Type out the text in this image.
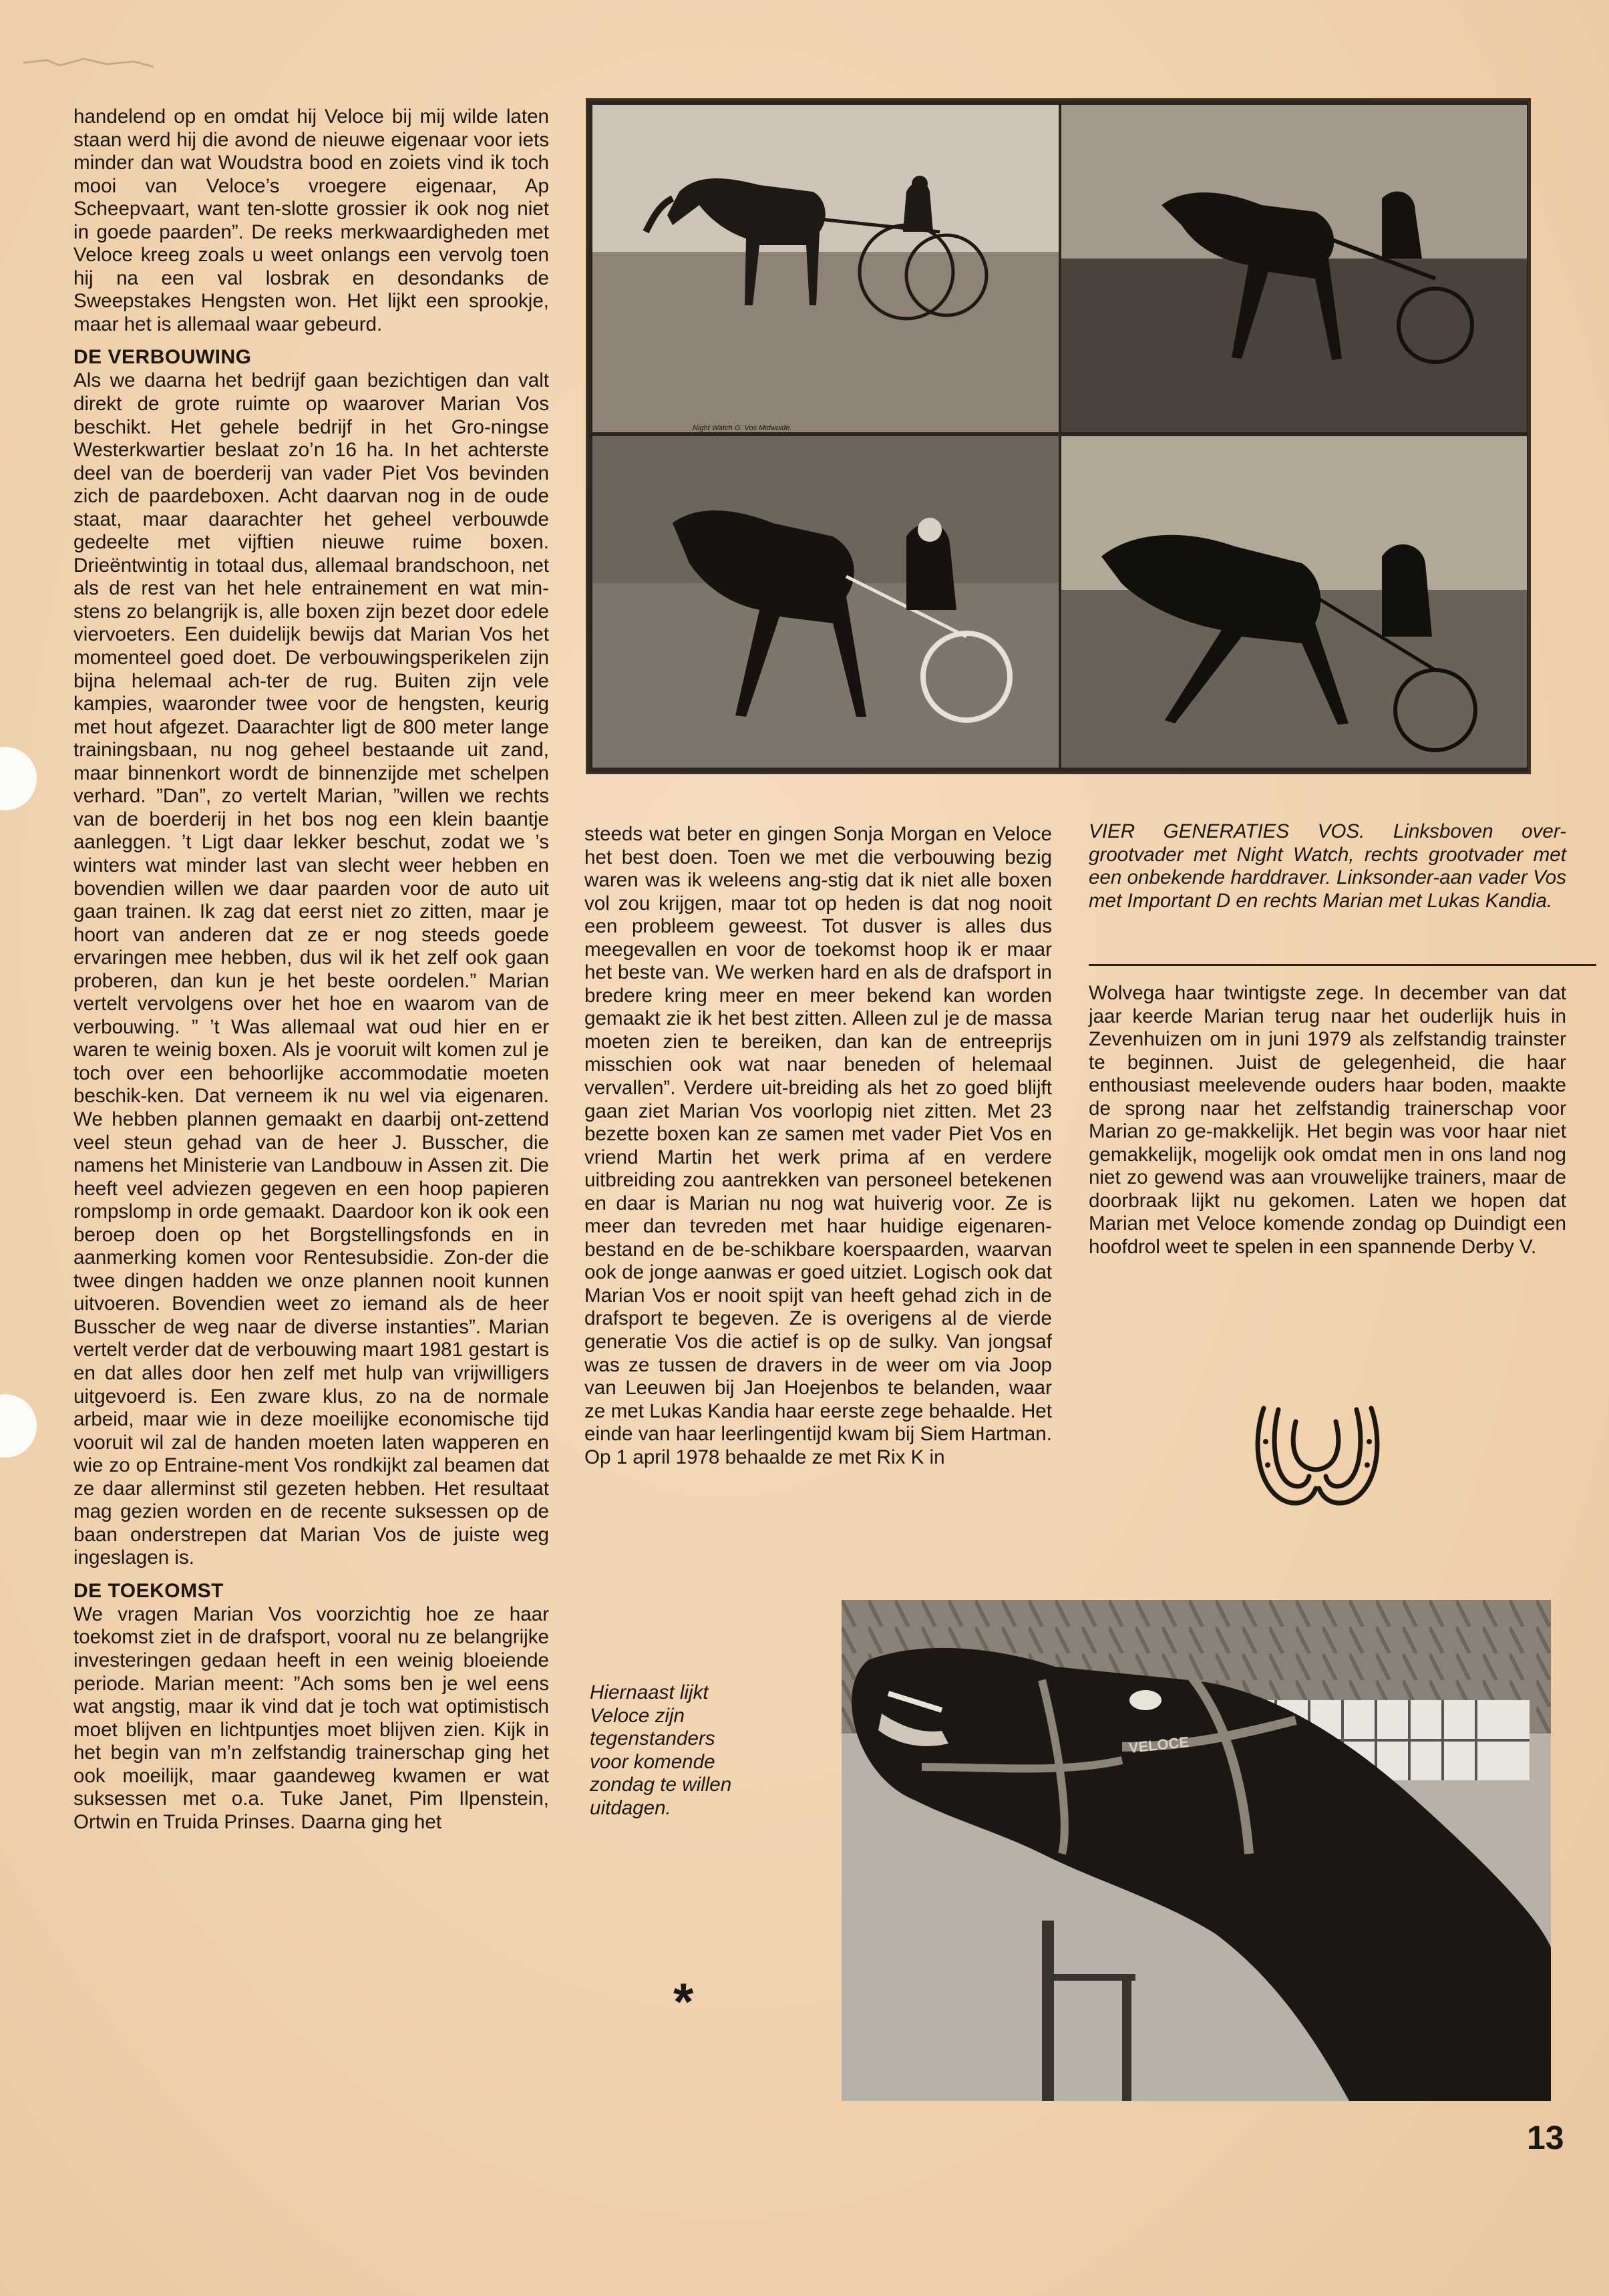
handelend op en omdat hij Veloce bij mij wilde laten staan werd hij die avond de nieuwe eigenaar voor iets minder dan wat Woudstra bood en zoiets vind ik toch mooi van Veloce’s vroegere eigenaar, Ap Scheepvaart, want ten-slotte grossier ik ook nog niet in goede paarden”. De reeks merkwaardigheden met Veloce kreeg zoals u weet onlangs een vervolg toen hij na een val losbrak en desondanks de Sweepstakes Hengsten won. Het lijkt een sprookje, maar het is allemaal waar gebeurd.

DE VERBOUWING

Als we daarna het bedrijf gaan bezichtigen dan valt direkt de grote ruimte op waarover Marian Vos beschikt. Het gehele bedrijf in het Gro-ningse Westerkwartier beslaat zo’n 16 ha. In het achterste deel van de boerderij van vader Piet Vos bevinden zich de paardeboxen. Acht daarvan nog in de oude staat, maar daarachter het geheel verbouwde gedeelte met vijftien nieuwe ruime boxen. Drieëntwintig in totaal dus, allemaal brandschoon, net als de rest van het hele entrainement en wat min-stens zo belangrijk is, alle boxen zijn bezet door edele viervoeters. Een duidelijk bewijs dat Marian Vos het momenteel goed doet. De verbouwingsperikelen zijn bijna helemaal ach-ter de rug. Buiten zijn vele kampies, waaronder twee voor de hengsten, keurig met hout afgezet. Daarachter ligt de 800 meter lange trainingsbaan, nu nog geheel bestaande uit zand, maar binnenkort wordt de binnenzijde met schelpen verhard. ”Dan”, zo vertelt Marian, ”willen we rechts van de boerderij in het bos nog een klein baantje aanleggen. ’t Ligt daar lekker beschut, zodat we ’s winters wat minder last van slecht weer hebben en bovendien willen we daar paarden voor de auto uit gaan trainen. Ik zag dat eerst niet zo zitten, maar je hoort van anderen dat ze er nog steeds goede ervaringen mee hebben, dus wil ik het zelf ook gaan proberen, dan kun je het beste oordelen.” Marian vertelt vervolgens over het hoe en waarom van de verbouwing. ” ’t Was allemaal wat oud hier en er waren te weinig boxen. Als je vooruit wilt komen zul je toch over een behoorlijke accommodatie moeten beschik-ken. Dat verneem ik nu wel via eigenaren. We hebben plannen gemaakt en daarbij ont-zettend veel steun gehad van de heer J. Busscher, die namens het Ministerie van Landbouw in Assen zit. Die heeft veel adviezen gegeven en een hoop papieren rompslomp in orde gemaakt. Daardoor kon ik ook een beroep doen op het Borgstellingsfonds en in aanmerking komen voor Rentesubsidie. Zon-der die twee dingen hadden we onze plannen nooit kunnen uitvoeren. Bovendien weet zo iemand als de heer Busscher de weg naar de diverse instanties”. Marian vertelt verder dat de verbouwing maart 1981 gestart is en dat alles door hen zelf met hulp van vrijwilligers uitgevoerd is. Een zware klus, zo na de normale arbeid, maar wie in deze moeilijke economische tijd vooruit wil zal de handen moeten laten wapperen en wie zo op Entraine-ment Vos rondkijkt zal beamen dat ze daar allerminst stil gezeten hebben. Het resultaat mag gezien worden en de recente suksessen op de baan onderstrepen dat Marian Vos de juiste weg ingeslagen is.

DE TOEKOMST

We vragen Marian Vos voorzichtig hoe ze haar toekomst ziet in de drafsport, vooral nu ze belangrijke investeringen gedaan heeft in een weinig bloeiende periode. Marian meent: ”Ach soms ben je wel eens wat angstig, maar ik vind dat je toch wat optimistisch moet blijven en lichtpuntjes moet blijven zien. Kijk in het begin van m’n zelfstandig trainerschap ging het ook moeilijk, maar gaandeweg kwamen er wat suksessen met o.a. Tuke Janet, Pim Ilpenstein, Ortwin en Truida Prinses. Daarna ging het

Night Watch G. Vos Midwolde.
VIER GENERATIES VOS. Linksboven over-grootvader met Night Watch, rechts grootvader met een onbekende harddraver. Linksonder-aan vader Vos met Important D en rechts Marian met Lukas Kandia.

steeds wat beter en gingen Sonja Morgan en Veloce het best doen. Toen we met die verbouwing bezig waren was ik weleens ang-stig dat ik niet alle boxen vol zou krijgen, maar tot op heden is dat nog nooit een probleem geweest. Tot dusver is alles dus meegevallen en voor de toekomst hoop ik er maar het beste van. We werken hard en als de drafsport in bredere kring meer en meer bekend kan worden gemaakt zie ik het best zitten. Alleen zul je de massa moeten zien te bereiken, dan kan de entreeprijs misschien ook wat naar beneden of helemaal vervallen”. Verdere uit-breiding als het zo goed blijft gaan ziet Marian Vos voorlopig niet zitten. Met 23 bezette boxen kan ze samen met vader Piet Vos en vriend Martin het werk prima af en verdere uitbreiding zou aantrekken van personeel betekenen en daar is Marian nu nog wat huiverig voor. Ze is meer dan tevreden met haar huidige eigenaren-bestand en de be-schikbare koerspaarden, waarvan ook de jonge aanwas er goed uitziet. Logisch ook dat Marian Vos er nooit spijt van heeft gehad zich in de drafsport te begeven. Ze is overigens al de vierde generatie Vos die actief is op de sulky. Van jongsaf was ze tussen de dravers in de weer om via Joop van Leeuwen bij Jan Hoejenbos te belanden, waar ze met Lukas Kandia haar eerste zege behaalde. Het einde van haar leerlingentijd kwam bij Siem Hartman. Op 1 april 1978 behaalde ze met Rix K in

Wolvega haar twintigste zege. In december van dat jaar keerde Marian terug naar het ouderlijk huis in Zevenhuizen om in juni 1979 als zelfstandig trainster te beginnen. Juist de gelegenheid, die haar enthousiast meelevende ouders haar boden, maakte de sprong naar het zelfstandig trainerschap voor Marian zo ge-makkelijk. Het begin was voor haar niet gemakkelijk, mogelijk ook omdat men in ons land nog niet zo gewend was aan vrouwelijke trainers, maar de doorbraak lijkt nu gekomen. Laten we hopen dat Marian met Veloce komende zondag op Duindigt een hoofdrol weet te spelen in een spannende Derby V.

Hiernaast lijkt Veloce zijn tegenstanders voor komende zondag te willen uitdagen.
VELOCE
*
13
